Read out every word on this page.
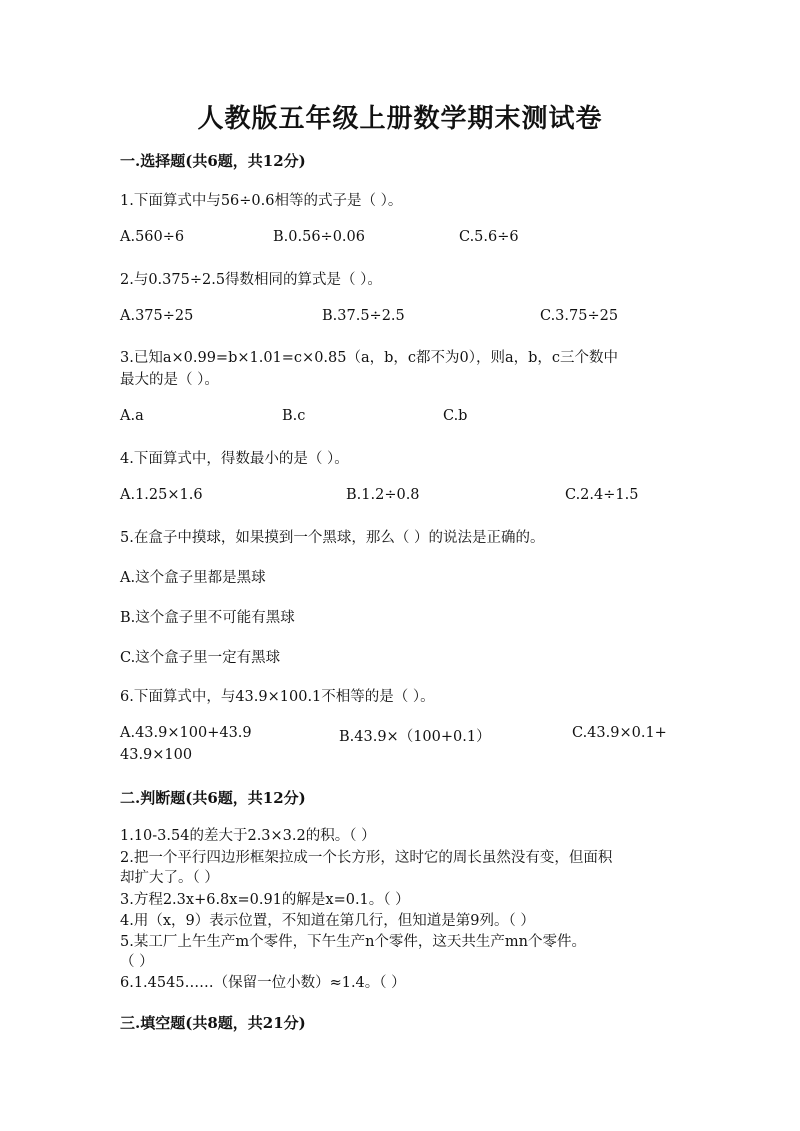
人教版五年级上册数学期末测试卷
一.选择题(共6题，共12分)
1.下面算式中与56÷0.6相等的式子是（ ）。
A.560÷6	B.0.56÷0.06	C.5.6÷6
2.与0.375÷2.5得数相同的算式是（ ）。
A.375÷25	B.37.5÷2.5	C.3.75÷25
3.已知a×0.99=b×1.01=c×0.85（a，b，c都不为0），则a，b，c三个数中
最大的是（ ）。
A.a	B.c	C.b
4.下面算式中，得数最小的是（ ）。
A.1.25×1.6	B.1.2÷0.8	C.2.4÷1.5
5.在盒子中摸球，如果摸到一个黑球，那么（ ）的说法是正确的。
A.这个盒子里都是黑球
B.这个盒子里不可能有黑球
C.这个盒子里一定有黑球
6.下面算式中，与43.9×100.1不相等的是（ ）。
A.43.9×100+43.9	B.43.9×（100+0.1）	C.43.9×0.1+
43.9×100
二.判断题(共6题，共12分)
1.10-3.54的差大于2.3×3.2的积。（ ）
2.把一个平行四边形框架拉成一个长方形，这时它的周长虽然没有变，但面积
却扩大了。（ ）
3.方程2.3x+6.8x=0.91的解是x=0.1。（ ）
4.用（x，9）表示位置，不知道在第几行，但知道是第9列。（ ）
5.某工厂上午生产m个零件，下午生产n个零件，这天共生产mn个零件。
（ ）
6.1.4545……（保留一位小数）≈1.4。（ ）
三.填空题(共8题，共21分)
